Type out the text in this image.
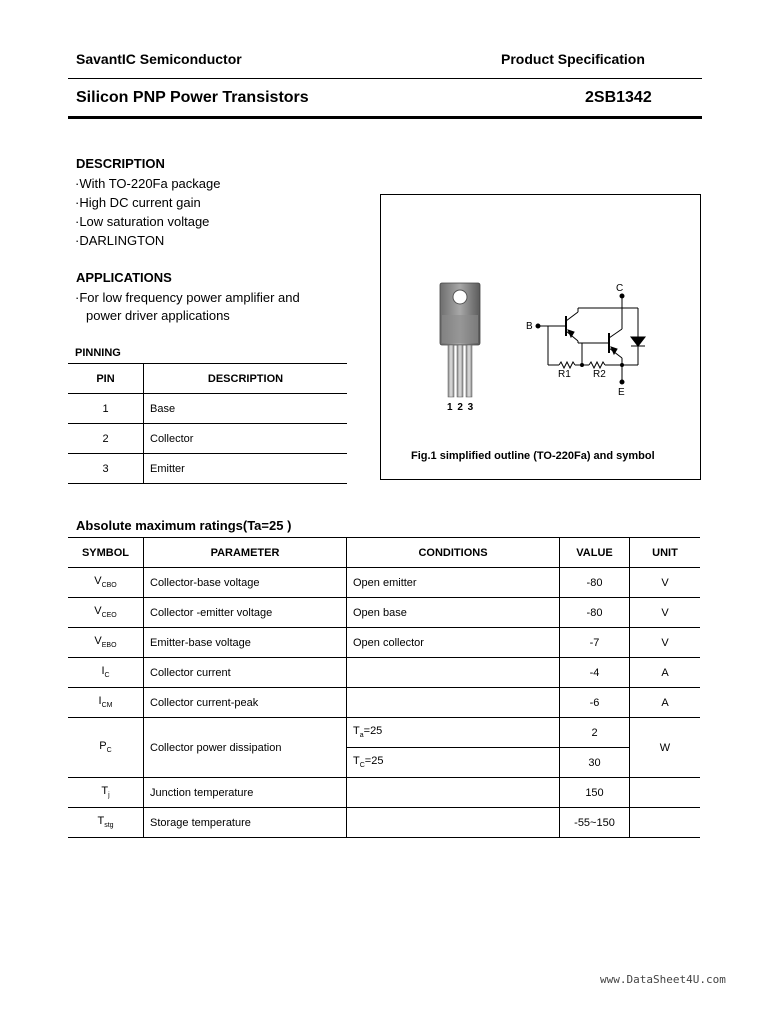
SavantIC Semiconductor	Product Specification
Silicon PNP Power Transistors	2SB1342
DESCRIPTION
·With TO-220Fa package
·High DC current gain
·Low saturation voltage
·DARLINGTON
APPLICATIONS
·For low frequency power amplifier and
power driver applications
PINNING
PIN	DESCRIPTION
1	Base
2	Collector
3	Emitter
1 2 3
B
C
E
R1 R2
Fig.1 simplified outline (TO-220Fa) and symbol
Absolute maximum ratings(Ta=25 )
SYMBOL	PARAMETER	CONDITIONS	VALUE	UNIT
$V_{CBO}$	Collector-base voltage	Open emitter	-80	V
$V_{CEO}$	Collector -emitter voltage	Open base	-80	V
$V_{EBO}$	Emitter-base voltage	Open collector	-7	V
$I_C$	Collector current		-4	A
$I_{CM}$	Collector current-peak		-6	A
$P_C$	Collector power dissipation	$T_a=25$	2	W
		$T_C=25$	30	
$T_j$	Junction temperature		150	
$T_{stg}$	Storage temperature		-55~150	
www.DataSheet4U.com
